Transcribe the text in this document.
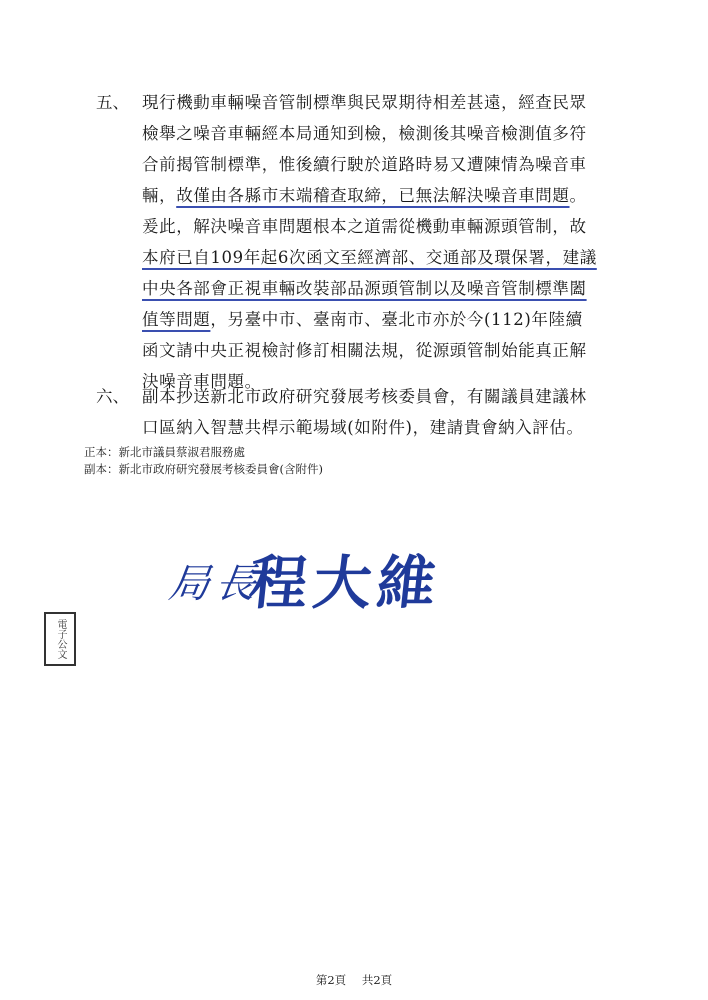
五、 現行機動車輛噪音管制標準與民眾期待相差甚遠，經查民眾
檢舉之噪音車輛經本局通知到檢，檢測後其噪音檢測值多符
合前揭管制標準，惟後續行駛於道路時易又遭陳情為噪音車
輛，故僅由各縣市末端稽查取締，已無法解決噪音車問題。
爰此，解決噪音車問題根本之道需從機動車輛源頭管制，故
本府已自109年起6次函文至經濟部、交通部及環保署，建議
中央各部會正視車輛改裝部品源頭管制以及噪音管制標準闔
值等問題，另臺中市、臺南市、臺北市亦於今(112)年陸續
函文請中央正視檢討修訂相關法規，從源頭管制始能真正解
決噪音車問題。
六、 副本抄送新北市政府研究發展考核委員會，有關議員建議林
口區納入智慧共桿示範場域(如附件)，建請貴會納入評估。
正本：新北市議員蔡淑君服務處
副本：新北市政府研究發展考核委員會(含附件)
局長
程大維
電子公文
第2頁 共2頁
